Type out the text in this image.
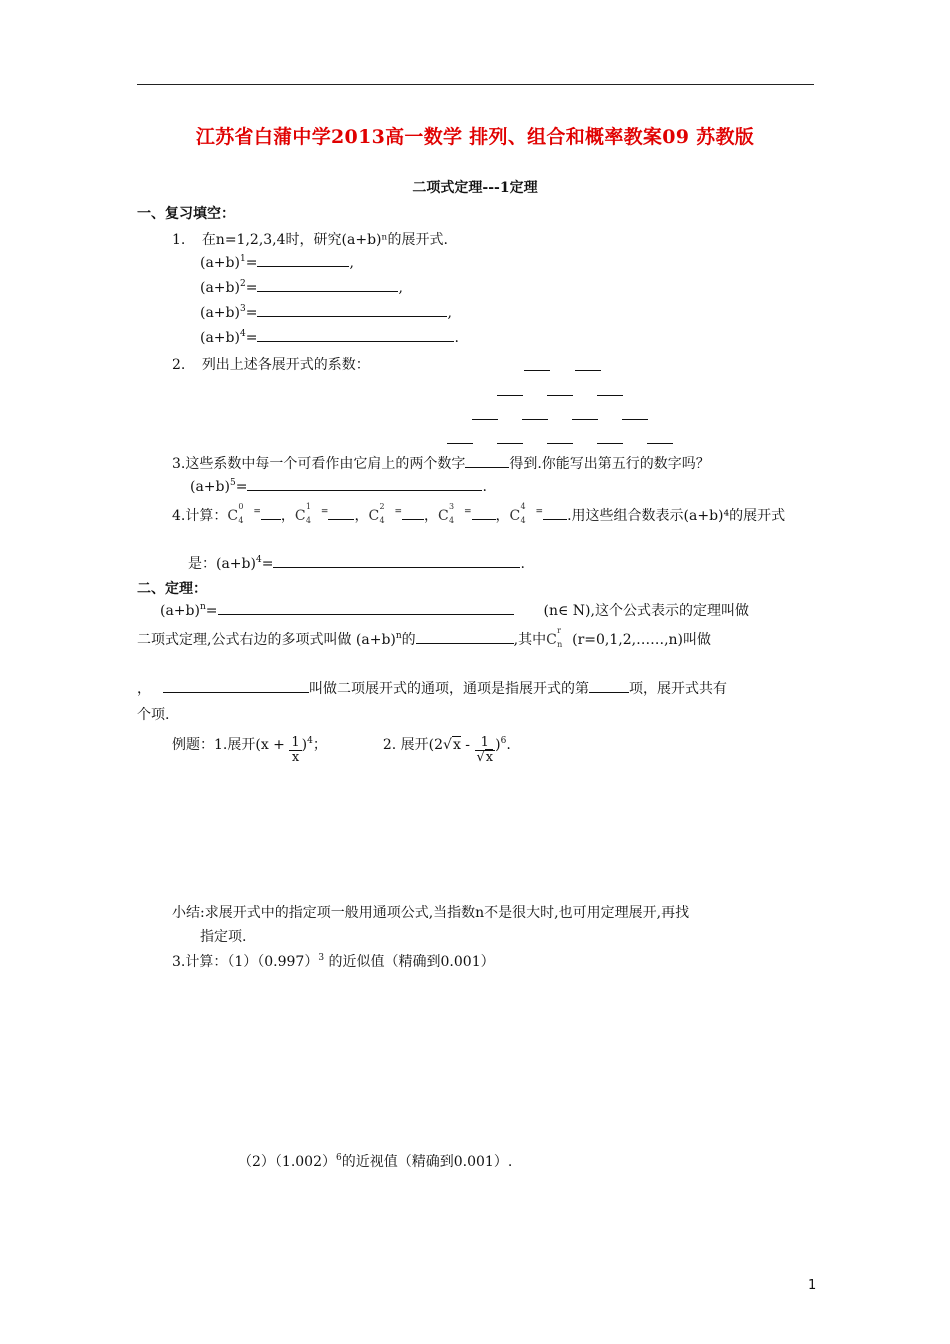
江苏省白蒲中学2013高一数学 排列、组合和概率教案09 苏教版
二项式定理---1定理
一、复习填空：
1. 在n=1,2,3,4时，研究(a+b)ⁿ的展开式.
$(a+b)^1=$	,
$(a+b)^2=$	,
$(a+b)^3=$	,
$(a+b)^4=$	.
2. 列出上述各展开式的系数：
3.这些系数中每一个可看作由它肩上的两个数字	得到.你能写出第五行的数字吗？
$(a+b)^5=$	.
4.计算： C
0
4
= ， C
1
4
= ， C
2
4
= ， C
3
4
= ， C
4
4
= .用这些组合数表示(a+b)⁴的展开式
是：$(a+b)^4=$	.
二、定理：
$(a+b)^n=$	(n∈ N),这个公式表示的定理叫做
二项式定理,公式右边的多项式叫做 $(a+b)^n$的	,其中 C
r
n (r=0,1,2,……,n)叫做
，	叫做二项展开式的通项，通项是指展开式的第	项，展开式共有
个项.
例题：1.展开$(x + \frac{1}{x} )^4$；	2. 展开$(2√x - \frac{1}{√x} )^6$.
小结:求展开式中的指定项一般用通项公式,当指数n不是很大时,也可用定理展开,再找
指定项.
3.计算：$(1)(0.997)^3$ 的近似值（精确到0.001）
$(2)(1.002)^6$的近视值（精确到0.001）.
1
